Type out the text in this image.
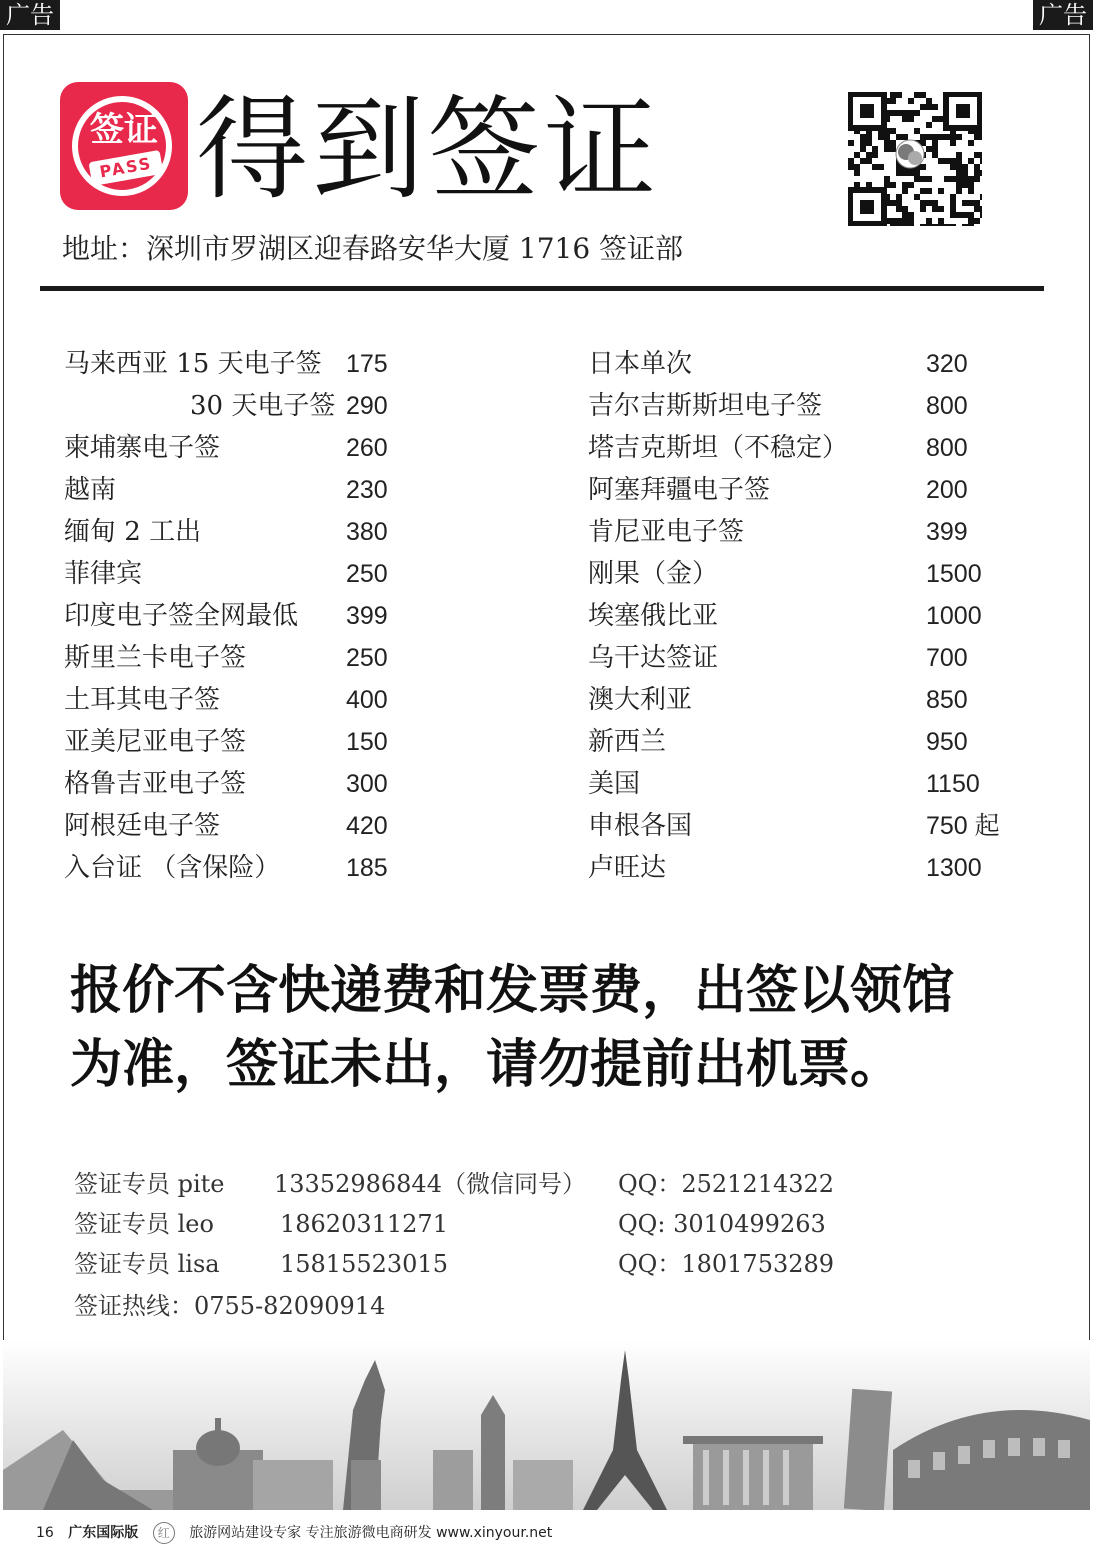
广告	广告
签证
PASS 得到签证
地址：深圳市罗湖区迎春路安华大厦 1716 签证部
马来西亚 15 天电子签 175
30 天电子签 290
柬埔寨电子签	260
越南	230
缅甸 2 工出	380
菲律宾	250
印度电子签全网最低 399
斯里兰卡电子签	250
土耳其电子签	400
亚美尼亚电子签	150
格鲁吉亚电子签	300
阿根廷电子签	420
入台证 （含保险）	185
日本单次	320
吉尔吉斯斯坦电子签	800
塔吉克斯坦（不稳定）	800
阿塞拜疆电子签	200
肯尼亚电子签	399
刚果（金）	1500
埃塞俄比亚	1000
乌干达签证	700
澳大利亚	850
新西兰	950
美国	1150
申根各国	750 起
卢旺达	1300
报价不含快递费和发票费，出签以领馆
为准，签证未出，请勿提前出机票。
签证专员 pite 13352986844（微信同号） QQ：2521214322
签证专员 leo	18620311271	QQ: 3010499263
签证专员 lisa	15815523015	QQ：1801753289
签证热线：0755-82090914
16 广东国际版 红 旅游网站建设专家 专注旅游微电商研发 www.xinyour.net
